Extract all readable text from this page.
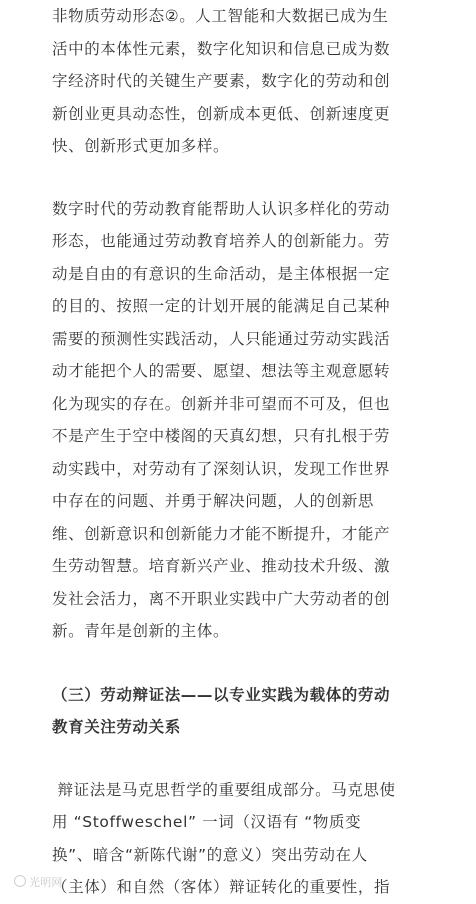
非物质劳动形态②。人工智能和大数据已成为生
活中的本体性元素，数字化知识和信息已成为数
字经济时代的关键生产要素，数字化的劳动和创
新创业更具动态性，创新成本更低、创新速度更
快、创新形式更加多样。
数字时代的劳动教育能帮助人认识多样化的劳动
形态，也能通过劳动教育培养人的创新能力。劳
动是自由的有意识的生命活动，是主体根据一定
的目的、按照一定的计划开展的能满足自己某种
需要的预测性实践活动，人只能通过劳动实践活
动才能把个人的需要、愿望、想法等主观意愿转
化为现实的存在。创新并非可望而不可及，但也
不是产生于空中楼阁的天真幻想，只有扎根于劳
动实践中，对劳动有了深刻认识，发现工作世界
中存在的问题、并勇于解决问题，人的创新思
维、创新意识和创新能力才能不断提升，才能产
生劳动智慧。培育新兴产业、推动技术升级、激
发社会活力，离不开职业实践中广大劳动者的创
新。青年是创新的主体。
（三）劳动辩证法——以专业实践为载体的劳动
教育关注劳动关系
辩证法是马克思哲学的重要组成部分。马克思使
用 “Stoffweschel” 一词（汉语有 “物质变
换”、暗含“新陈代谢”的意义）突出劳动在人
（主体）和自然（客体）辩证转化的重要性，指
光明网
